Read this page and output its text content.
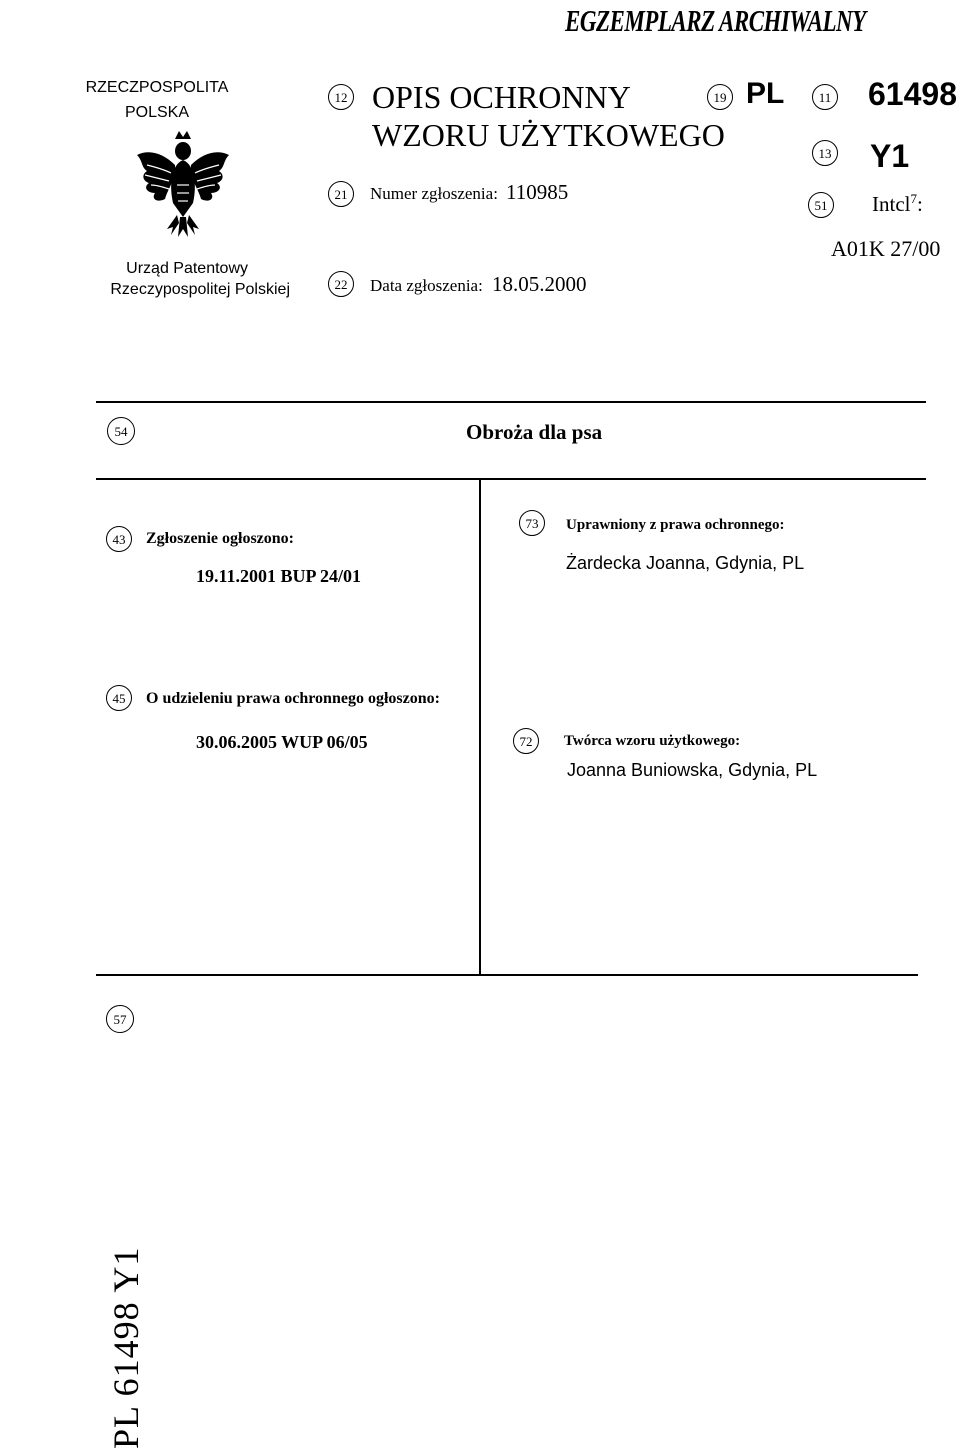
EGZEMPLARZ ARCHIWALNY
RZECZPOSPOLITA
POLSKA
Urząd Patentowy
Rzeczypospolitej Polskiej
12 OPIS OCHRONNY
WZORU UŻYTKOWEGO
19 PL	11 61498
13 Y1
21	Numer zgłoszenia: 110985
51	Intcl$^7$:
A01K 27/00
22	Data zgłoszenia: 18.05.2000
54	Obroża dla psa
43	Zgłoszenie ogłoszono:
19.11.2001 BUP 24/01
45	O udzieleniu prawa ochronnego ogłoszono:
30.06.2005 WUP 06/05
73	Uprawniony z prawa ochronnego:
Żardecka Joanna, Gdynia, PL
72	Twórca wzoru użytkowego:
Joanna Buniowska, Gdynia, PL
57
PL 61498 Y1
